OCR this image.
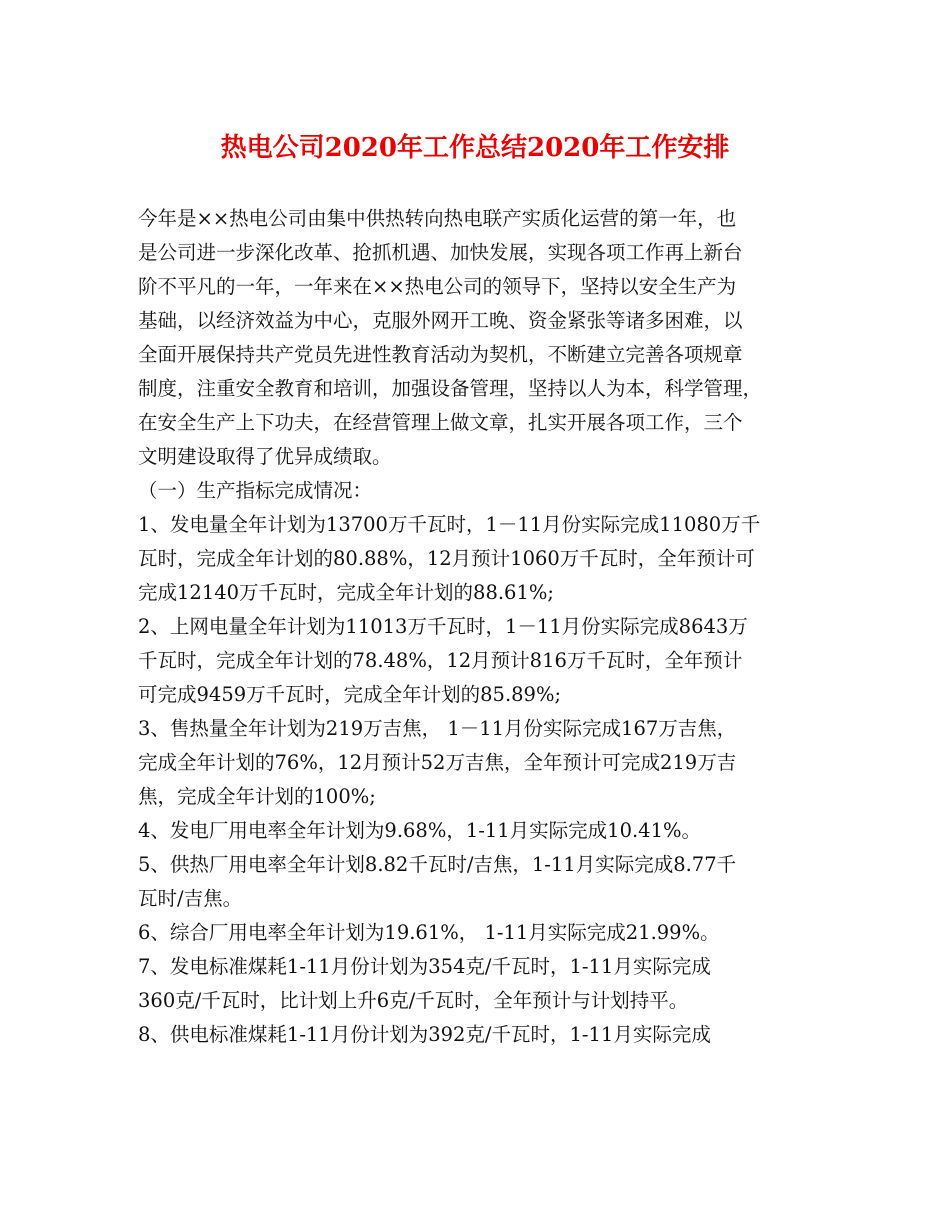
热电公司2020年工作总结2020年工作安排
今年是××热电公司由集中供热转向热电联产实质化运营的第一年，也
是公司进一步深化改革、抢抓机遇、加快发展，实现各项工作再上新台
阶不平凡的一年，一年来在××热电公司的领导下，坚持以安全生产为
基础，以经济效益为中心，克服外网开工晚、资金紧张等诸多困难，以
全面开展保持共产党员先进性教育活动为契机，不断建立完善各项规章
制度，注重安全教育和培训，加强设备管理，坚持以人为本，科学管理，
在安全生产上下功夫，在经营管理上做文章，扎实开展各项工作，三个
文明建设取得了优异成绩取。
（一）生产指标完成情况：
1、发电量全年计划为13700万千瓦时，1－11月份实际完成11080万千
瓦时，完成全年计划的80.88%，12月预计1060万千瓦时，全年预计可
完成12140万千瓦时，完成全年计划的88.61%;
2、上网电量全年计划为11013万千瓦时，1－11月份实际完成8643万
千瓦时，完成全年计划的78.48%，12月预计816万千瓦时，全年预计
可完成9459万千瓦时，完成全年计划的85.89%;
3、售热量全年计划为219万吉焦， 1－11月份实际完成167万吉焦，
完成全年计划的76%，12月预计52万吉焦，全年预计可完成219万吉
焦，完成全年计划的100%;
4、发电厂用电率全年计划为9.68%，1-11月实际完成10.41%。
5、供热厂用电率全年计划8.82千瓦时/吉焦，1-11月实际完成8.77千
瓦时/吉焦。
6、综合厂用电率全年计划为19.61%， 1-11月实际完成21.99%。
7、发电标准煤耗1-11月份计划为354克/千瓦时，1-11月实际完成
360克/千瓦时，比计划上升6克/千瓦时，全年预计与计划持平。
8、供电标准煤耗1-11月份计划为392克/千瓦时，1-11月实际完成
